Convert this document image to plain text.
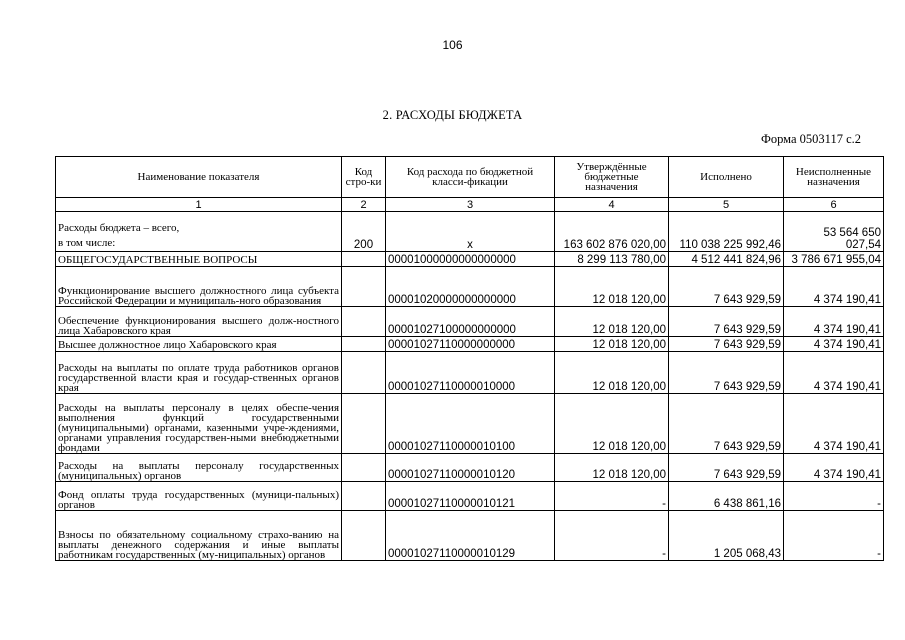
106
2. РАСХОДЫ БЮДЖЕТА
Форма 0503117 с.2
Наименование показателя	Код стро-ки	Код расхода по бюджетной класси-фикации	Утверждённые бюджетные назначения	Исполнено	Неисполненные назначения
1	2	3	4	5	6

Расходы бюджета – всего,
в том числе:	200	x	163 602 876 020,00	110 038 225 992,46	53 564 650 027,54
ОБЩЕГОСУДАРСТВЕННЫЕ ВОПРОСЫ		00001000000000000000	8 299 113 780,00	4 512 441 824,96	3 786 671 955,04
Функционирование высшего должностного лица субъекта Российской Федерации и муниципаль-ного образования		00001020000000000000	12 018 120,00	7 643 929,59	4 374 190,41
Обеспечение функционирования высшего долж-ностного лица Хабаровского края		00001027100000000000	12 018 120,00	7 643 929,59	4 374 190,41
Высшее должностное лицо Хабаровского края		00001027110000000000	12 018 120,00	7 643 929,59	4 374 190,41
Расходы на выплаты по оплате труда работников органов государственной власти края и государ-ственных органов края		00001027110000010000	12 018 120,00	7 643 929,59	4 374 190,41
Расходы на выплаты персоналу в целях обеспе-чения выполнения функций государственными (муниципальными) органами, казенными учре-ждениями, органами управления государствен-ными внебюджетными фондами		00001027110000010100	12 018 120,00	7 643 929,59	4 374 190,41
Расходы на выплаты персоналу государственных (муниципальных) органов		00001027110000010120	12 018 120,00	7 643 929,59	4 374 190,41
Фонд оплаты труда государственных (муници-пальных) органов		00001027110000010121	-	6 438 861,16	-
Взносы по обязательному социальному страхо-ванию на выплаты денежного содержания и иные выплаты работникам государственных (му-ниципальных) органов		00001027110000010129	-	1 205 068,43	-
